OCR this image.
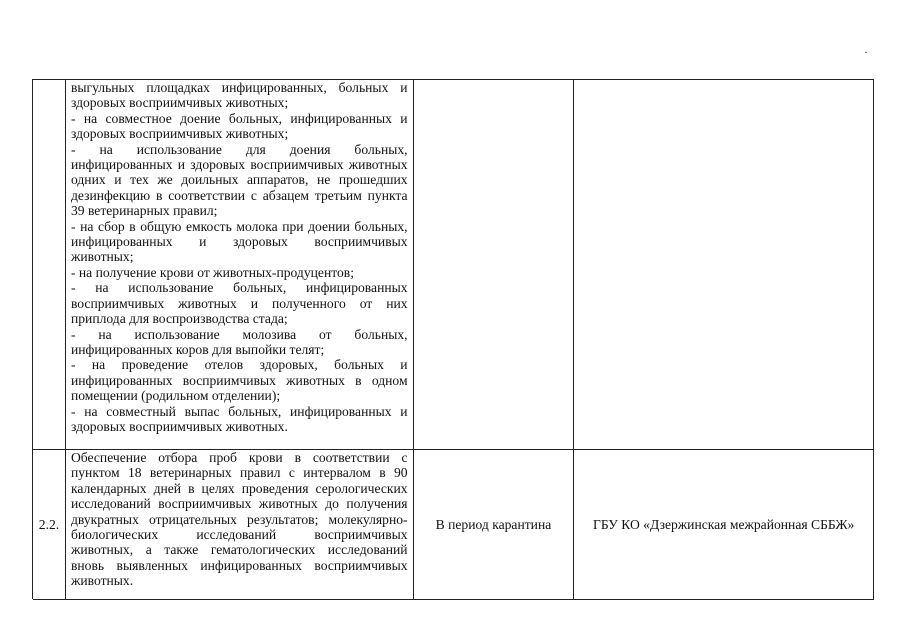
·
выгульных площадках инфицированных, больных и
здоровых восприимчивых животных;
- на совместное доение больных, инфицированных и
здоровых восприимчивых животных;
- на использование для доения больных,
инфицированных и здоровых восприимчивых животных
одних и тех же доильных аппаратов, не прошедших
дезинфекцию в соответствии с абзацем третьим пункта
39 ветеринарных правил;
- на сбор в общую емкость молока при доении больных,
инфицированных и здоровых восприимчивых
животных;
- на получение крови от животных-продуцентов;
- на использование больных, инфицированных
восприимчивых животных и полученного от них
приплода для воспроизводства стада;
- на использование молозива от больных,
инфицированных коров для выпойки телят;
- на проведение отелов здоровых, больных и
инфицированных восприимчивых животных в одном
помещении (родильном отделении);
- на совместный выпас больных, инфицированных и
здоровых восприимчивых животных.
2.2.
Обеспечение отбора проб крови в соответствии с
пунктом 18 ветеринарных правил с интервалом в 90
календарных дней в целях проведения серологических
исследований восприимчивых животных до получения
двукратных отрицательных результатов; молекулярно-
биологических исследований восприимчивых
животных, а также гематологических исследований
вновь выявленных инфицированных восприимчивых
животных.
В период карантина	ГБУ КО «Дзержинская межрайонная СББЖ»
